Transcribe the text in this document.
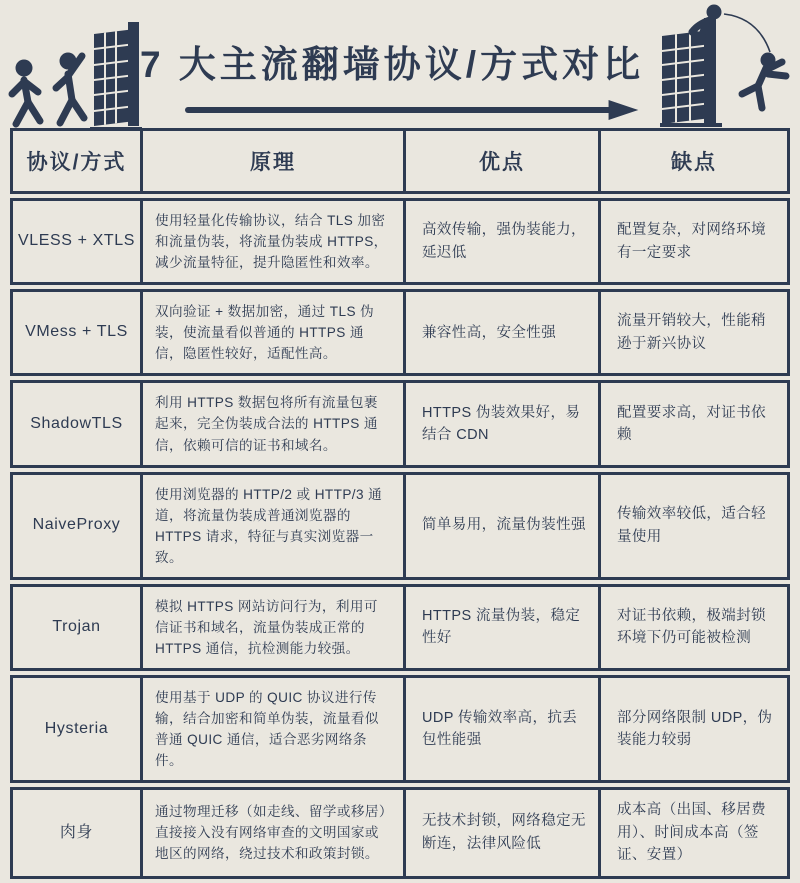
7 大主流翻墙协议/方式对比
协议/方式	原理	优点	缺点
VLESS + XTLS	使用轻量化传输协议，结合 TLS 加密和流量伪装，将流量伪装成 HTTPS，减少流量特征，提升隐匿性和效率。	高效传输，强伪装能力，延迟低	配置复杂，对网络环境有一定要求
VMess + TLS	双向验证 + 数据加密，通过 TLS 伪装，使流量看似普通的 HTTPS 通信，隐匿性较好，适配性高。	兼容性高，安全性强	流量开销较大，性能稍逊于新兴协议
ShadowTLS	利用 HTTPS 数据包将所有流量包裹起来，完全伪装成合法的 HTTPS 通信，依赖可信的证书和域名。	HTTPS 伪装效果好，易结合 CDN	配置要求高，对证书依赖
NaiveProxy	使用浏览器的 HTTP/2 或 HTTP/3 通道，将流量伪装成普通浏览器的 HTTPS 请求，特征与真实浏览器一致。	简单易用，流量伪装性强	传输效率较低，适合轻量使用
Trojan	模拟 HTTPS 网站访问行为，利用可信证书和域名，流量伪装成正常的 HTTPS 通信，抗检测能力较强。	HTTPS 流量伪装，稳定性好	对证书依赖，极端封锁环境下仍可能被检测
Hysteria	使用基于 UDP 的 QUIC 协议进行传输，结合加密和简单伪装，流量看似普通 QUIC 通信，适合恶劣网络条件。	UDP 传输效率高，抗丢包性能强	部分网络限制 UDP，伪装能力较弱
肉身	通过物理迁移（如走线、留学或移居）直接接入没有网络审查的文明国家或地区的网络，绕过技术和政策封锁。	无技术封锁，网络稳定无断连，法律风险低	成本高（出国、移居费用）、时间成本高（签证、安置）
